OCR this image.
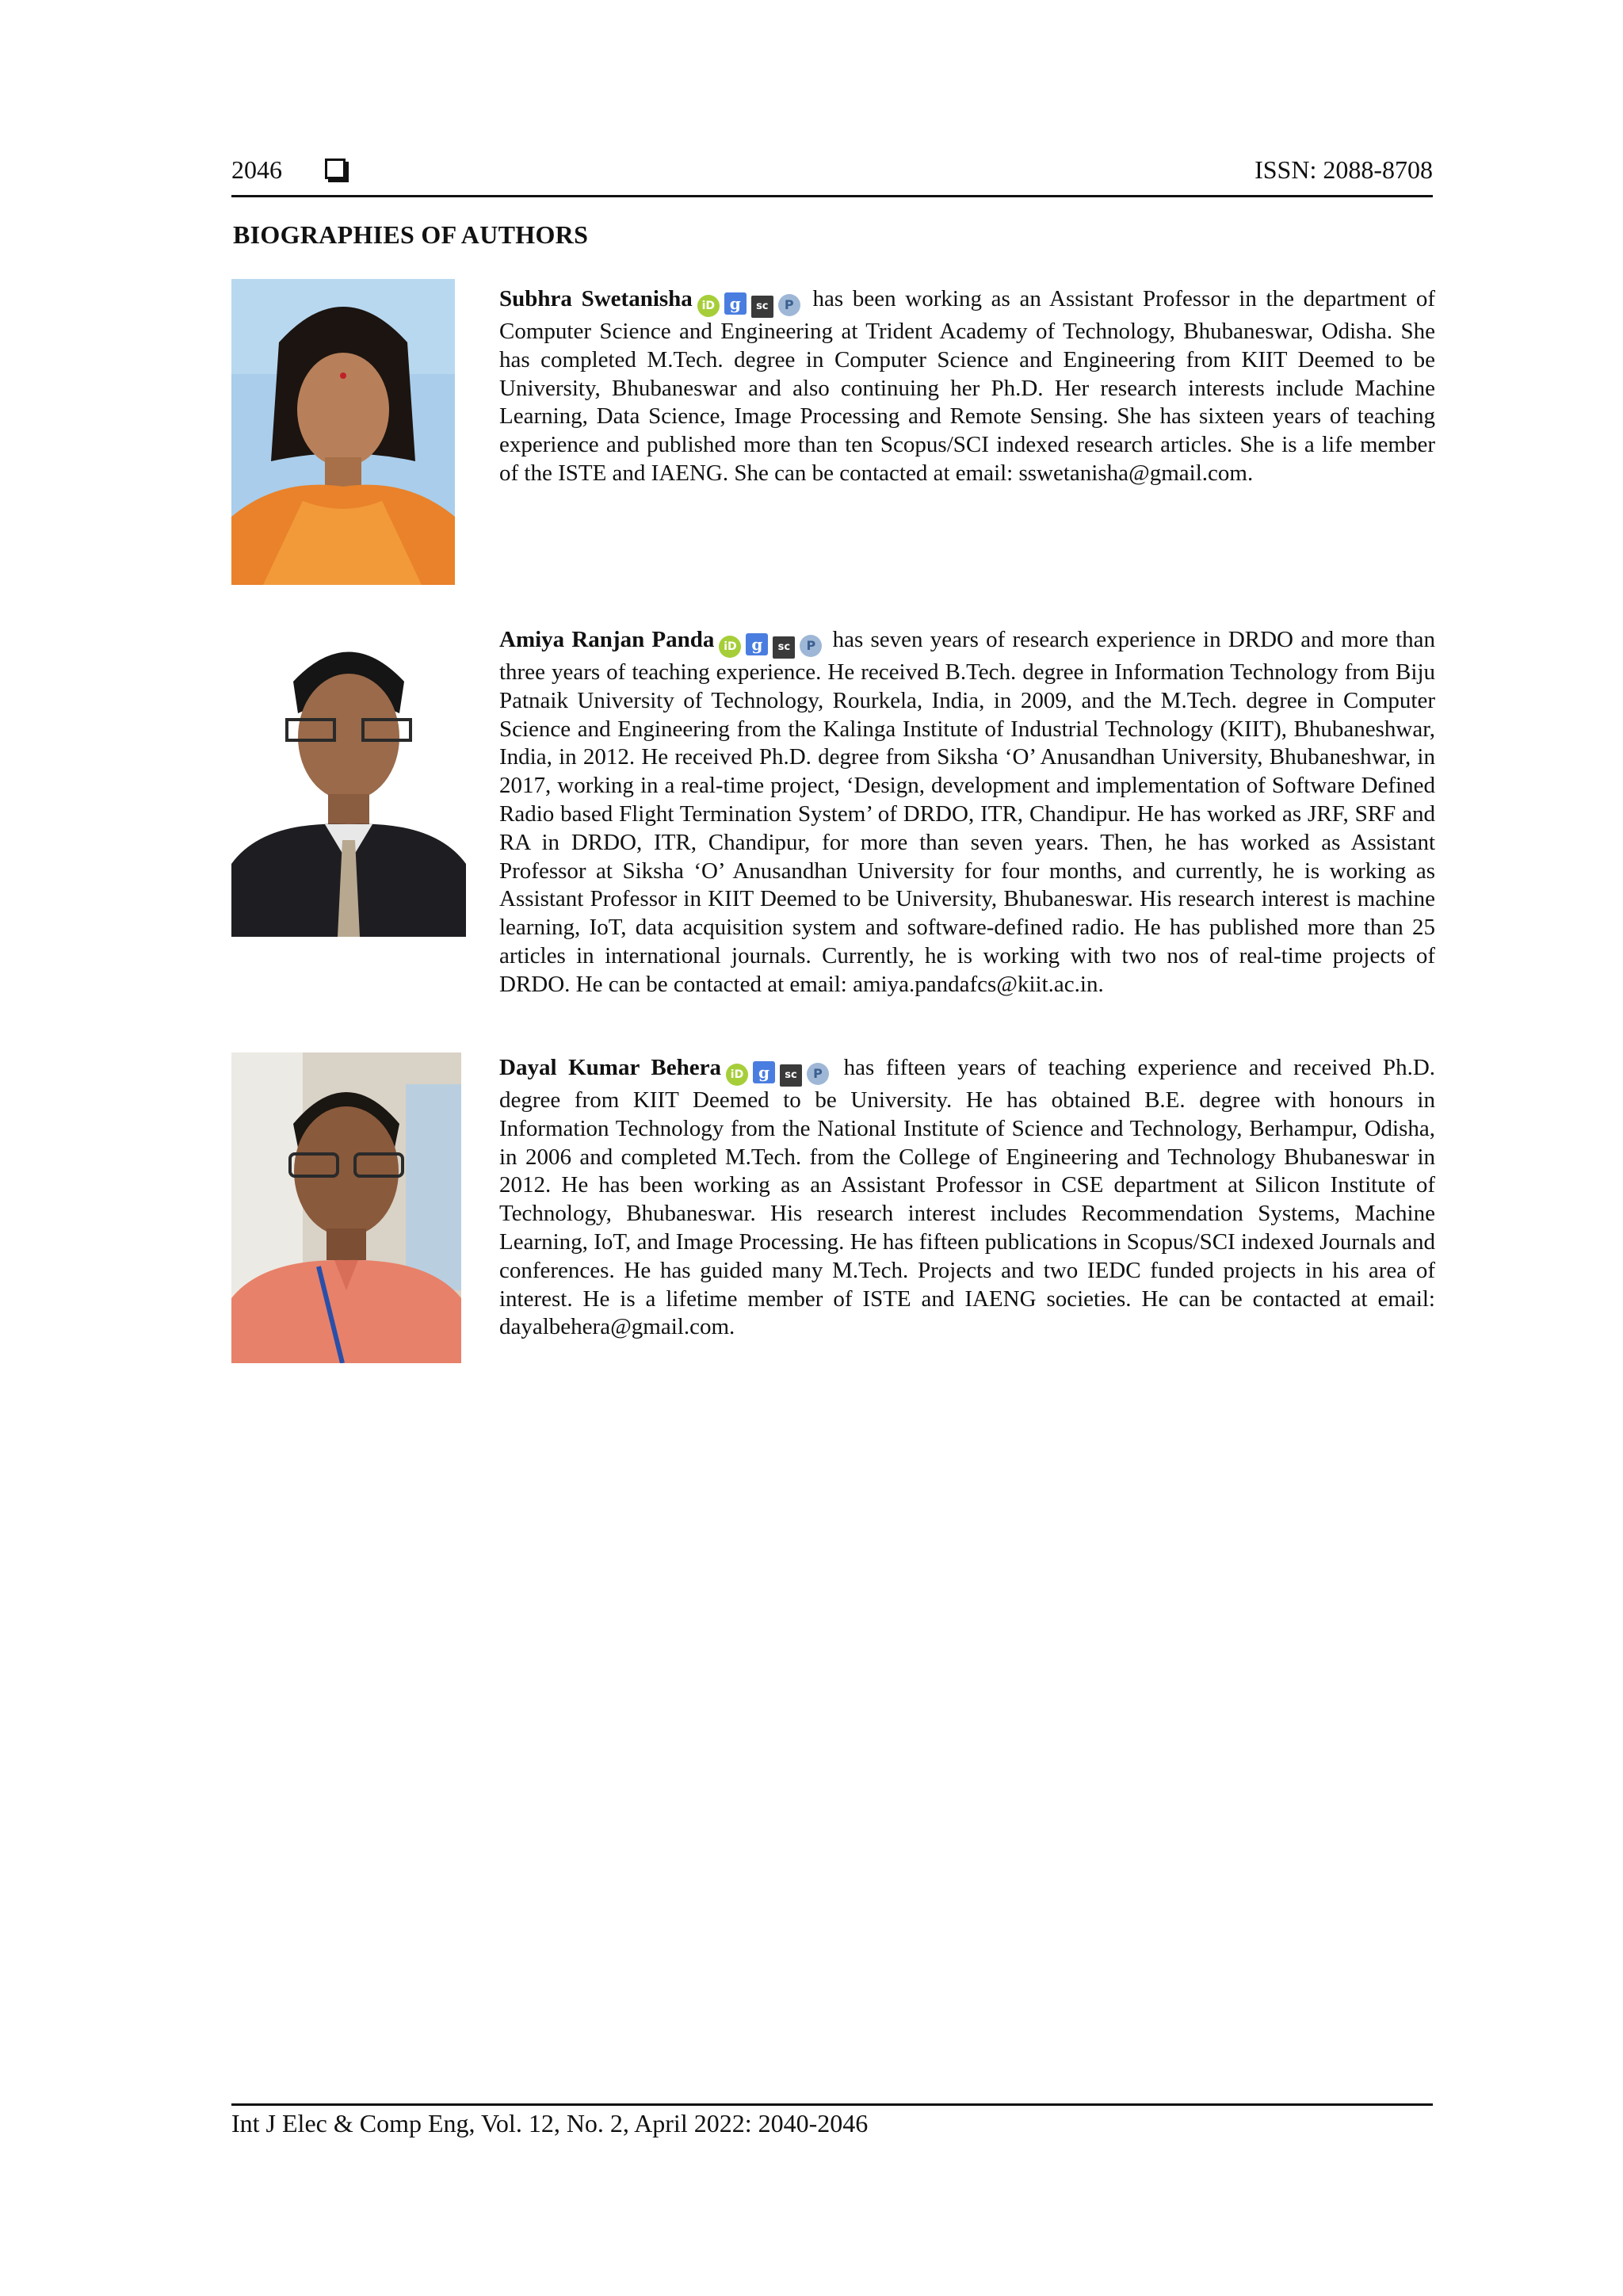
2046	ISSN: 2088-8708
BIOGRAPHIES OF AUTHORS

Subhra Swetanisha iD g sc P has been working as an Assistant Professor in the department of Computer Science and Engineering at Trident Academy of Technology, Bhubaneswar, Odisha. She has completed M.Tech. degree in Computer Science and Engineering from KIIT Deemed to be University, Bhubaneswar and also continuing her Ph.D. Her research interests include Machine Learning, Data Science, Image Processing and Remote Sensing. She has sixteen years of teaching experience and published more than ten Scopus/SCI indexed research articles. She is a life member of the ISTE and IAENG. She can be contacted at email: sswetanisha@gmail.com.

Amiya Ranjan Panda iD g sc P has seven years of research experience in DRDO and more than three years of teaching experience. He received B.Tech. degree in Information Technology from Biju Patnaik University of Technology, Rourkela, India, in 2009, and the M.Tech. degree in Computer Science and Engineering from the Kalinga Institute of Industrial Technology (KIIT), Bhubaneshwar, India, in 2012. He received Ph.D. degree from Siksha ‘O’ Anusandhan University, Bhubaneshwar, in 2017, working in a real-time project, ‘Design, development and implementation of Software Defined Radio based Flight Termination System’ of DRDO, ITR, Chandipur. He has worked as JRF, SRF and RA in DRDO, ITR, Chandipur, for more than seven years. Then, he has worked as Assistant Professor at Siksha ‘O’ Anusandhan University for four months, and currently, he is working as Assistant Professor in KIIT Deemed to be University, Bhubaneswar. His research interest is machine learning, IoT, data acquisition system and software-defined radio. He has published more than 25 articles in international journals. Currently, he is working with two nos of real-time projects of DRDO. He can be contacted at email: amiya.pandafcs@kiit.ac.in.

Dayal Kumar Behera iD g sc P has fifteen years of teaching experience and received Ph.D. degree from KIIT Deemed to be University. He has obtained B.E. degree with honours in Information Technology from the National Institute of Science and Technology, Berhampur, Odisha, in 2006 and completed M.Tech. from the College of Engineering and Technology Bhubaneswar in 2012. He has been working as an Assistant Professor in CSE department at Silicon Institute of Technology, Bhubaneswar. His research interest includes Recommendation Systems, Machine Learning, IoT, and Image Processing. He has fifteen publications in Scopus/SCI indexed Journals and conferences. He has guided many M.Tech. Projects and two IEDC funded projects in his area of interest. He is a lifetime member of ISTE and IAENG societies. He can be contacted at email: dayalbehera@gmail.com.

Int J Elec & Comp Eng, Vol. 12, No. 2, April 2022: 2040-2046
